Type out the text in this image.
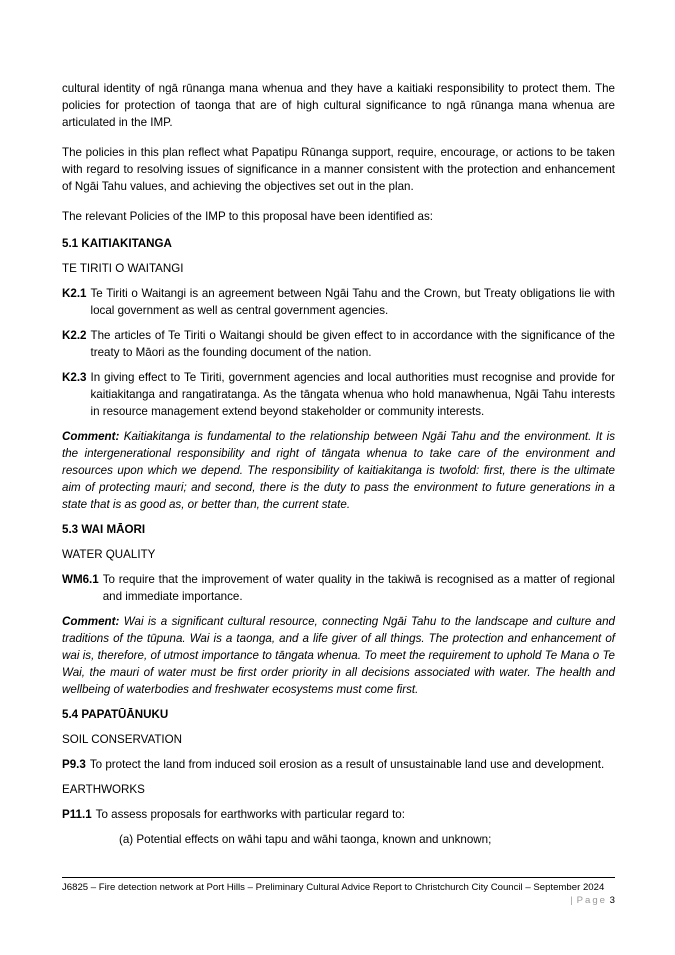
cultural identity of ngā rūnanga mana whenua and they have a kaitiaki responsibility to protect them. The policies for protection of taonga that are of high cultural significance to ngā rūnanga mana whenua are articulated in the IMP.

The policies in this plan reflect what Papatipu Rūnanga support, require, encourage, or actions to be taken with regard to resolving issues of significance in a manner consistent with the protection and enhancement of Ngāi Tahu values, and achieving the objectives set out in the plan.

The relevant Policies of the IMP to this proposal have been identified as:

5.1 KAITIAKITANGA
TE TIRITI O WAITANGI
K2.1 Te Tiriti o Waitangi is an agreement between Ngāi Tahu and the Crown, but Treaty obligations lie with local government as well as central government agencies.
K2.2 The articles of Te Tiriti o Waitangi should be given effect to in accordance with the significance of the treaty to Māori as the founding document of the nation.
K2.3 In giving effect to Te Tiriti, government agencies and local authorities must recognise and provide for kaitiakitanga and rangatiratanga. As the tāngata whenua who hold manawhenua, Ngāi Tahu interests in resource management extend beyond stakeholder or community interests.

Comment: Kaitiakitanga is fundamental to the relationship between Ngāi Tahu and the environment. It is the intergenerational responsibility and right of tāngata whenua to take care of the environment and resources upon which we depend. The responsibility of kaitiakitanga is twofold: first, there is the ultimate aim of protecting mauri; and second, there is the duty to pass the environment to future generations in a state that is as good as, or better than, the current state.

5.3 WAI MĀORI
WATER QUALITY
WM6.1 To require that the improvement of water quality in the takiwā is recognised as a matter of regional and immediate importance.

Comment: Wai is a significant cultural resource, connecting Ngāi Tahu to the landscape and culture and traditions of the tūpuna. Wai is a taonga, and a life giver of all things. The protection and enhancement of wai is, therefore, of utmost importance to tāngata whenua. To meet the requirement to uphold Te Mana o Te Wai, the mauri of water must be first order priority in all decisions associated with water. The health and wellbeing of waterbodies and freshwater ecosystems must come first.

5.4 PAPATŪĀNUKU
SOIL CONSERVATION
P9.3 To protect the land from induced soil erosion as a result of unsustainable land use and development.
EARTHWORKS
P11.1 To assess proposals for earthworks with particular regard to:
(a) Potential effects on wāhi tapu and wāhi taonga, known and unknown;
J6825 – Fire detection network at Port Hills – Preliminary Cultural Advice Report to Christchurch City Council – September 2024
| Page 3
